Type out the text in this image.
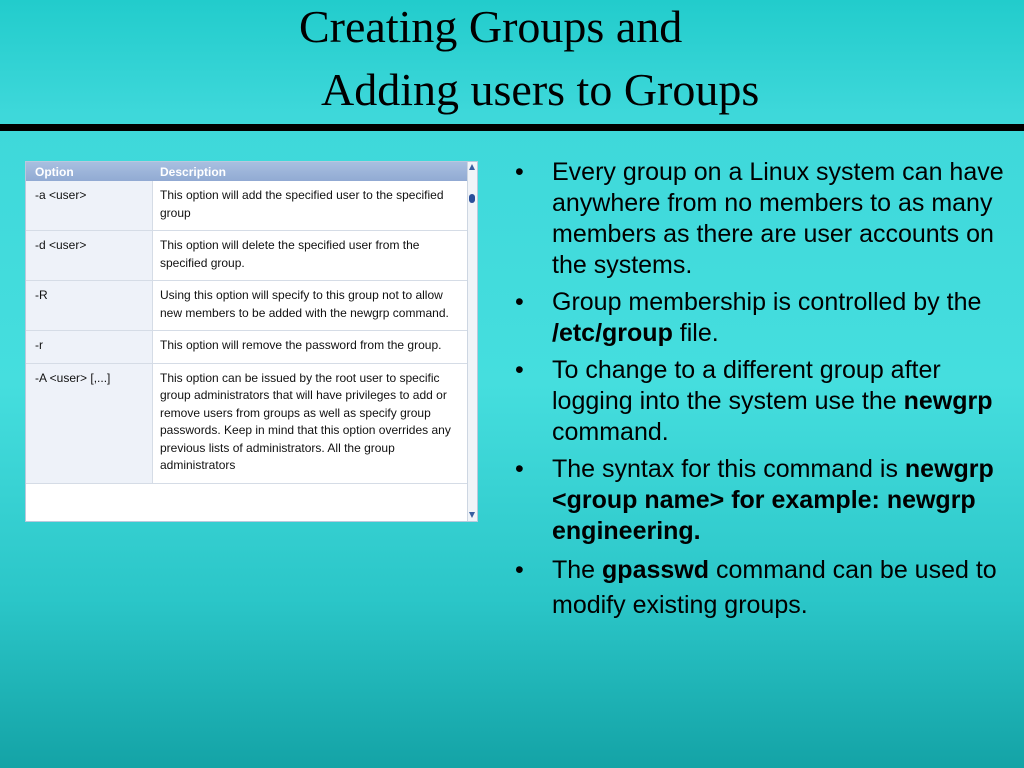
Creating Groups and
Adding users to Groups
Option	Description
-a <user>	This option will add the specified user to the specified group
-d <user>	This option will delete the specified user from the specified group.
-R	Using this option will specify to this group not to allow new members to be added with the newgrp command.
-r	This option will remove the password from the group.
-A <user> [,...]	This option can be issued by the root user to specific group administrators that will have privileges to add or remove users from groups as well as specify group passwords. Keep in mind that this option overrides any previous lists of administrators. All the group administrators
• Every group on a Linux system can have anywhere from no members to as many members as there are user accounts on the systems.
• Group membership is controlled by the /etc/group file.
• To change to a different group after logging into the system use the newgrp command.
• The syntax for this command is newgrp <group name> for example: newgrp engineering.
• The gpasswd command can be used to modify existing groups.
